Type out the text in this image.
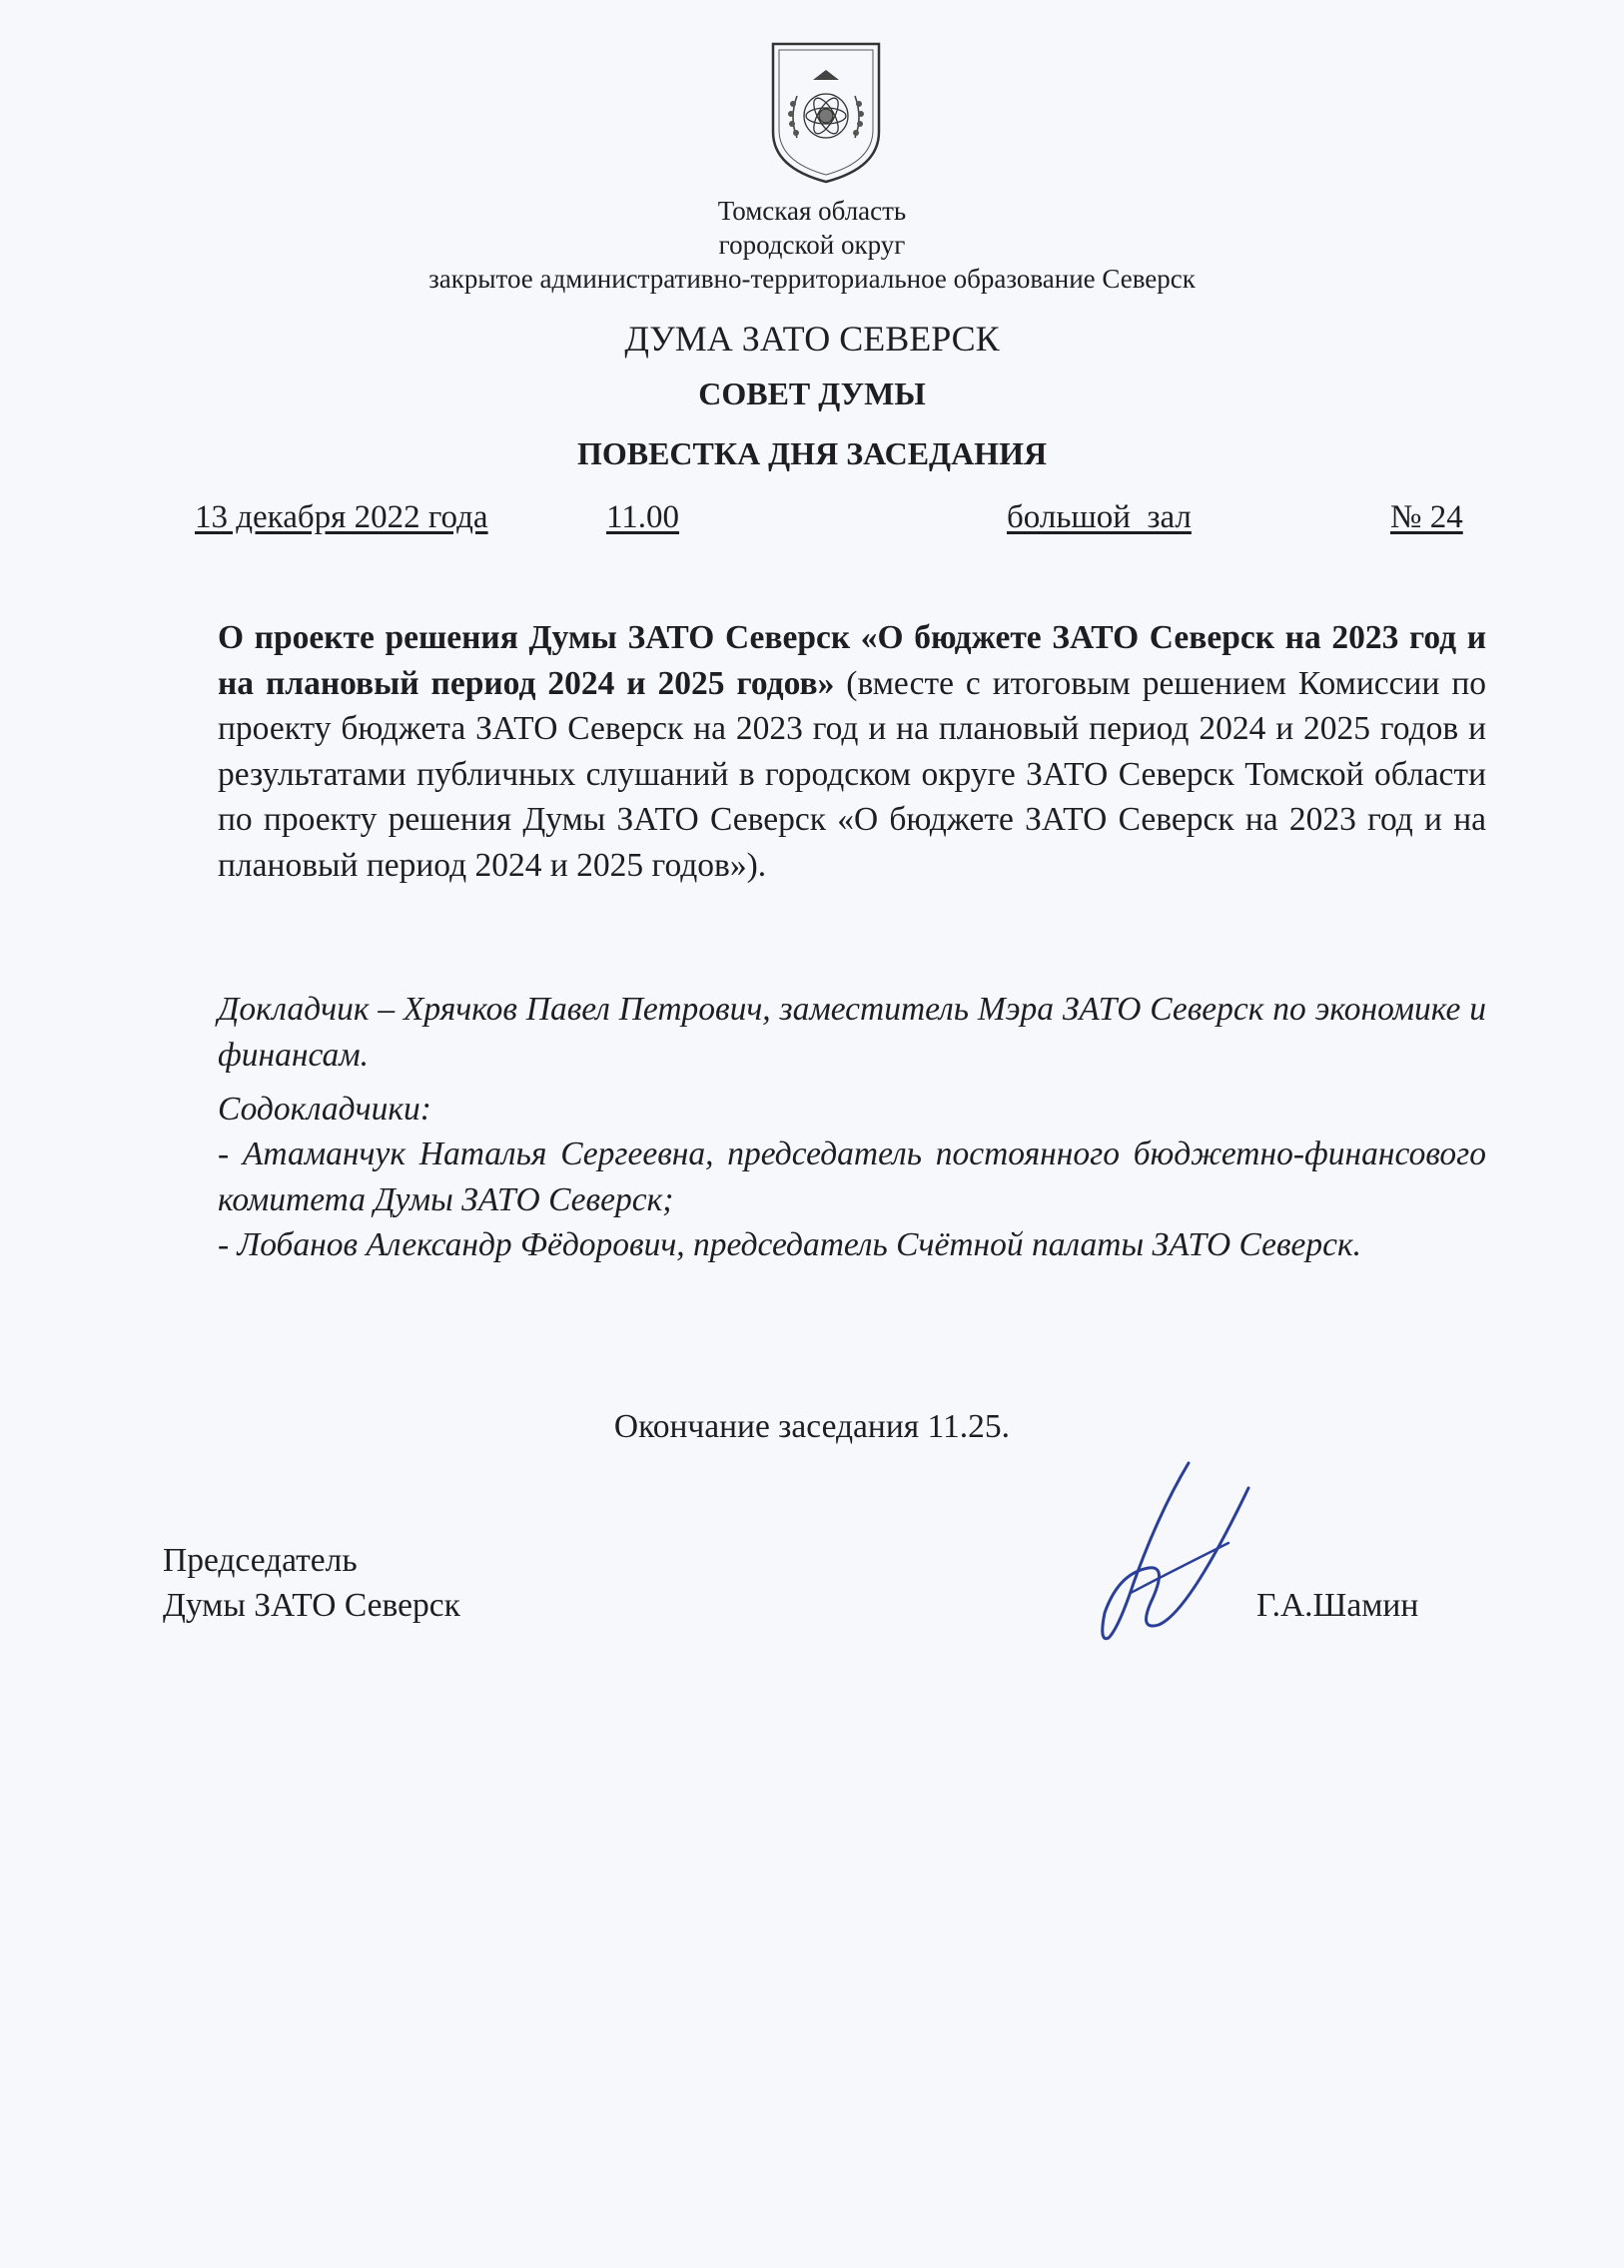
Томская область
городской округ
закрытое административно-территориальное образование Северск
ДУМА ЗАТО СЕВЕРСК
СОВЕТ ДУМЫ
ПОВЕСТКА ДНЯ ЗАСЕДАНИЯ
13 декабря 2022 года	11.00	большой  зал	№ 24

О проекте решения Думы ЗАТО Северск «О бюджете ЗАТО Северск на 2023 год и на плановый период 2024 и 2025 годов» (вместе с итоговым решением Комиссии по проекту бюджета ЗАТО Северск на 2023 год и на плановый период 2024 и 2025 годов и результатами публичных слушаний в городском округе ЗАТО Северск Томской области по проекту решения Думы ЗАТО Северск «О бюджете ЗАТО Северск на 2023 год и на плановый период 2024 и 2025 годов»).

Докладчик – Хрячков Павел Петрович, заместитель Мэра ЗАТО Северск по экономике и финансам.
Содокладчики:
- Атаманчук Наталья Сергеевна, председатель постоянного бюджетно-финансового комитета Думы ЗАТО Северск;
- Лобанов Александр Фёдорович, председатель Счётной палаты ЗАТО Северск.
Окончание заседания 11.25.
Председатель
Думы ЗАТО Северск	Г.А.Шамин
